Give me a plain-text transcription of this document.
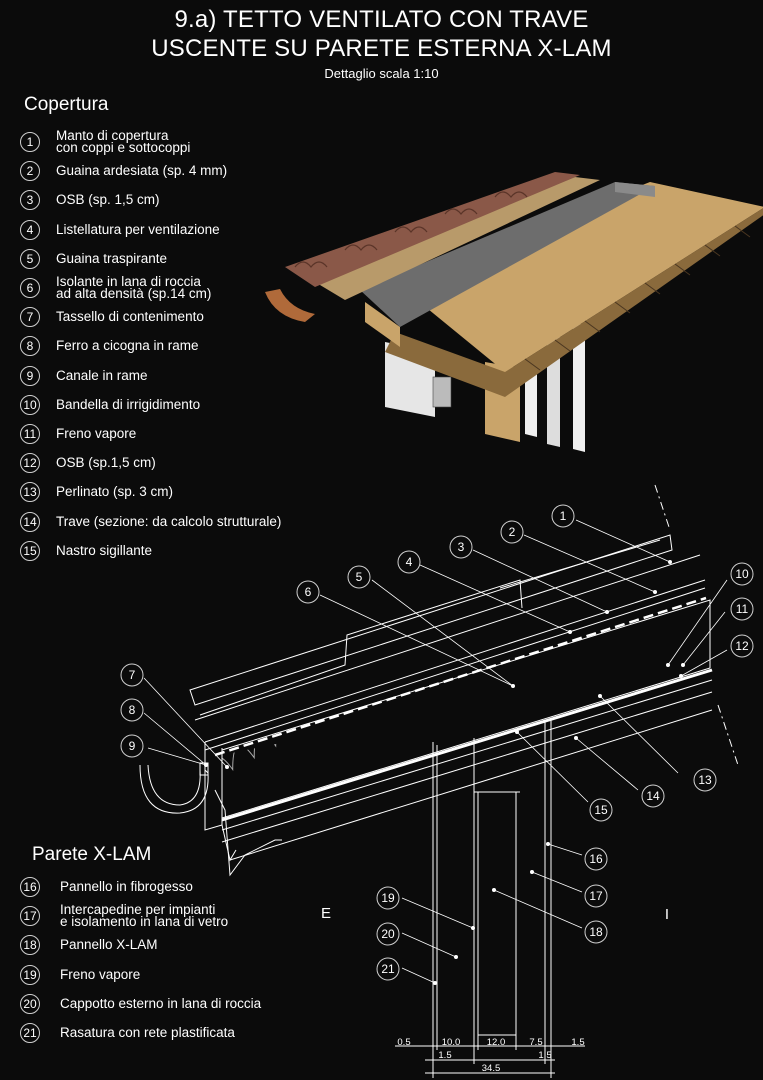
9.a) TETTO VENTILATO CON TRAVE
USCENTE SU PARETE ESTERNA X-LAM
Dettaglio scala 1:10
Copertura
Parete X-LAM
1	Manto di copertura
con coppi e sottocoppi
2	Guaina ardesiata (sp. 4 mm)
3	OSB (sp. 1,5 cm)
4	Listellatura per ventilazione
5	Guaina traspirante
6	Isolante in lana di roccia
ad alta densità (sp.14 cm)
7	Tassello di contenimento
8	Ferro a cicogna in rame
9	Canale in rame
10 Bandella di irrigidimento
11 Freno vapore
12 OSB (sp.1,5 cm)
13 Perlinato (sp. 3 cm)
14 Trave (sezione: da calcolo strutturale)
15 Nastro sigillante
16 Pannello in fibrogesso
17 Intercapedine per impianti
e isolamento in lana di vetro
18 Pannello X-LAM
19 Freno vapore
20 Cappotto esterno in lana di roccia
21 Rasatura con rete plastificata
1
2
3
4
5
6
7
8
9
10
11
12
13
14
15
16
17
18
19
20
21
0.5	10.0	12.0	7.5	1.5
1.5	1.5
34.5
E	I
